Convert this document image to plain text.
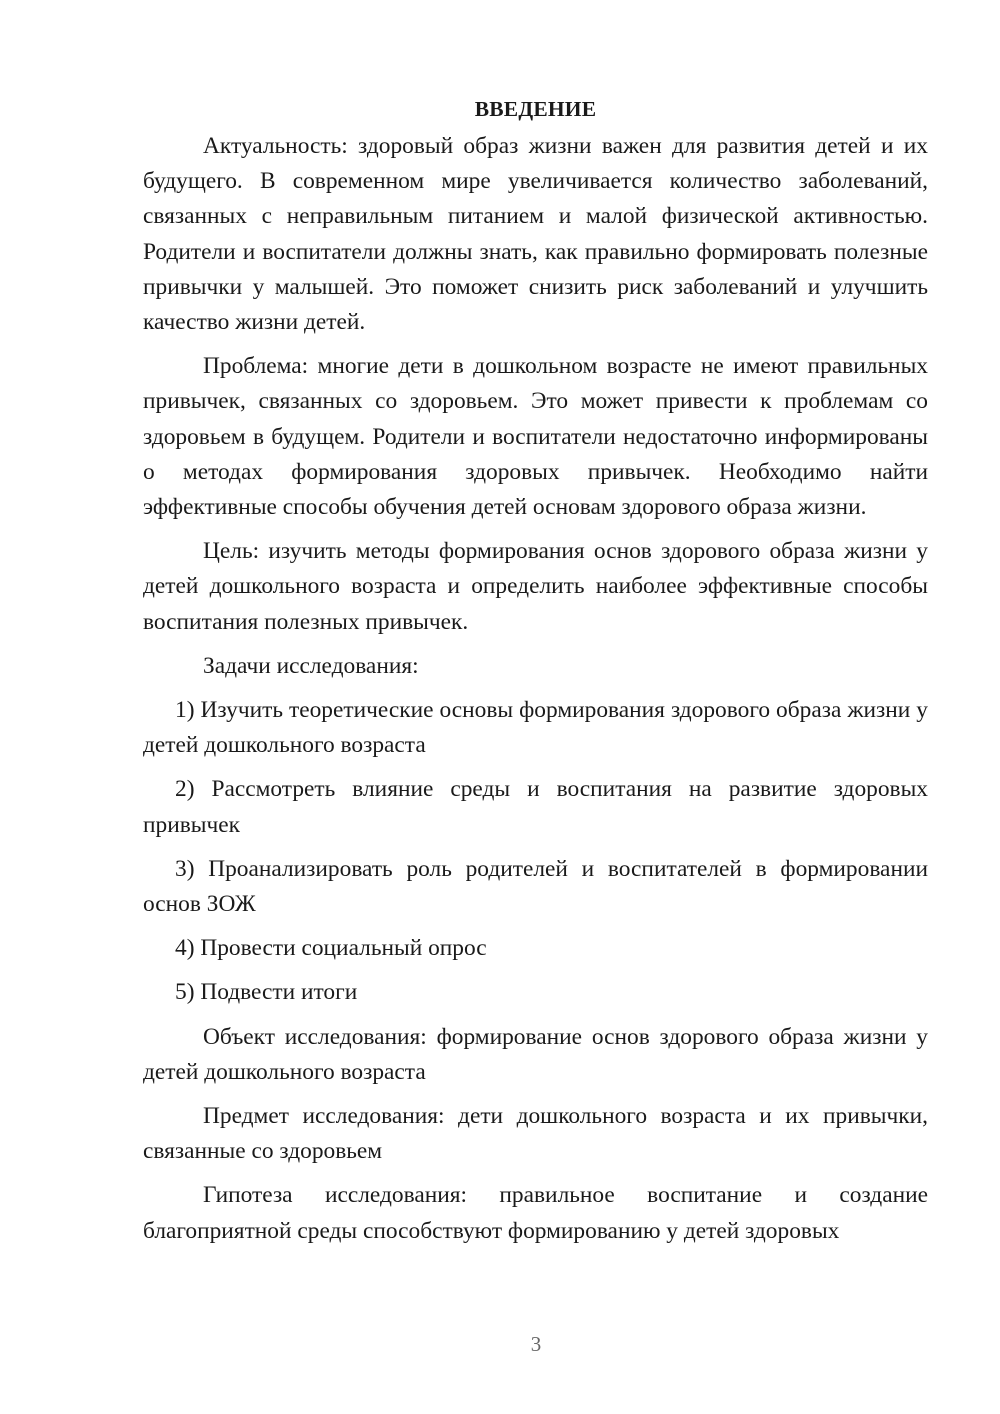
ВВЕДЕНИЕ

Актуальность: здоровый образ жизни важен для развития детей и их будущего. В современном мире увеличивается количество заболеваний, связанных с неправильным питанием и малой физической активностью. Родители и воспитатели должны знать, как правильно формировать полезные привычки у малышей. Это поможет снизить риск заболеваний и улучшить качество жизни детей.

Проблема: многие дети в дошкольном возрасте не имеют правильных привычек, связанных со здоровьем. Это может привести к проблемам со здоровьем в будущем. Родители и воспитатели недостаточно информированы о методах формирования здоровых привычек. Необходимо найти эффективные способы обучения детей основам здорового образа жизни.

Цель: изучить методы формирования основ здорового образа жизни у детей дошкольного возраста и определить наиболее эффективные способы воспитания полезных привычек.

Задачи исследования:

1) Изучить теоретические основы формирования здорового образа жизни у детей дошкольного возраста

2) Рассмотреть влияние среды и воспитания на развитие здоровых привычек

3) Проанализировать роль родителей и воспитателей в формировании основ ЗОЖ

4) Провести социальный опрос

5) Подвести итоги

Объект исследования: формирование основ здорового образа жизни у детей дошкольного возраста

Предмет исследования: дети дошкольного возраста и их привычки, связанные со здоровьем

Гипотеза исследования: правильное воспитание и создание благоприятной среды способствуют формированию у детей здоровых

3
